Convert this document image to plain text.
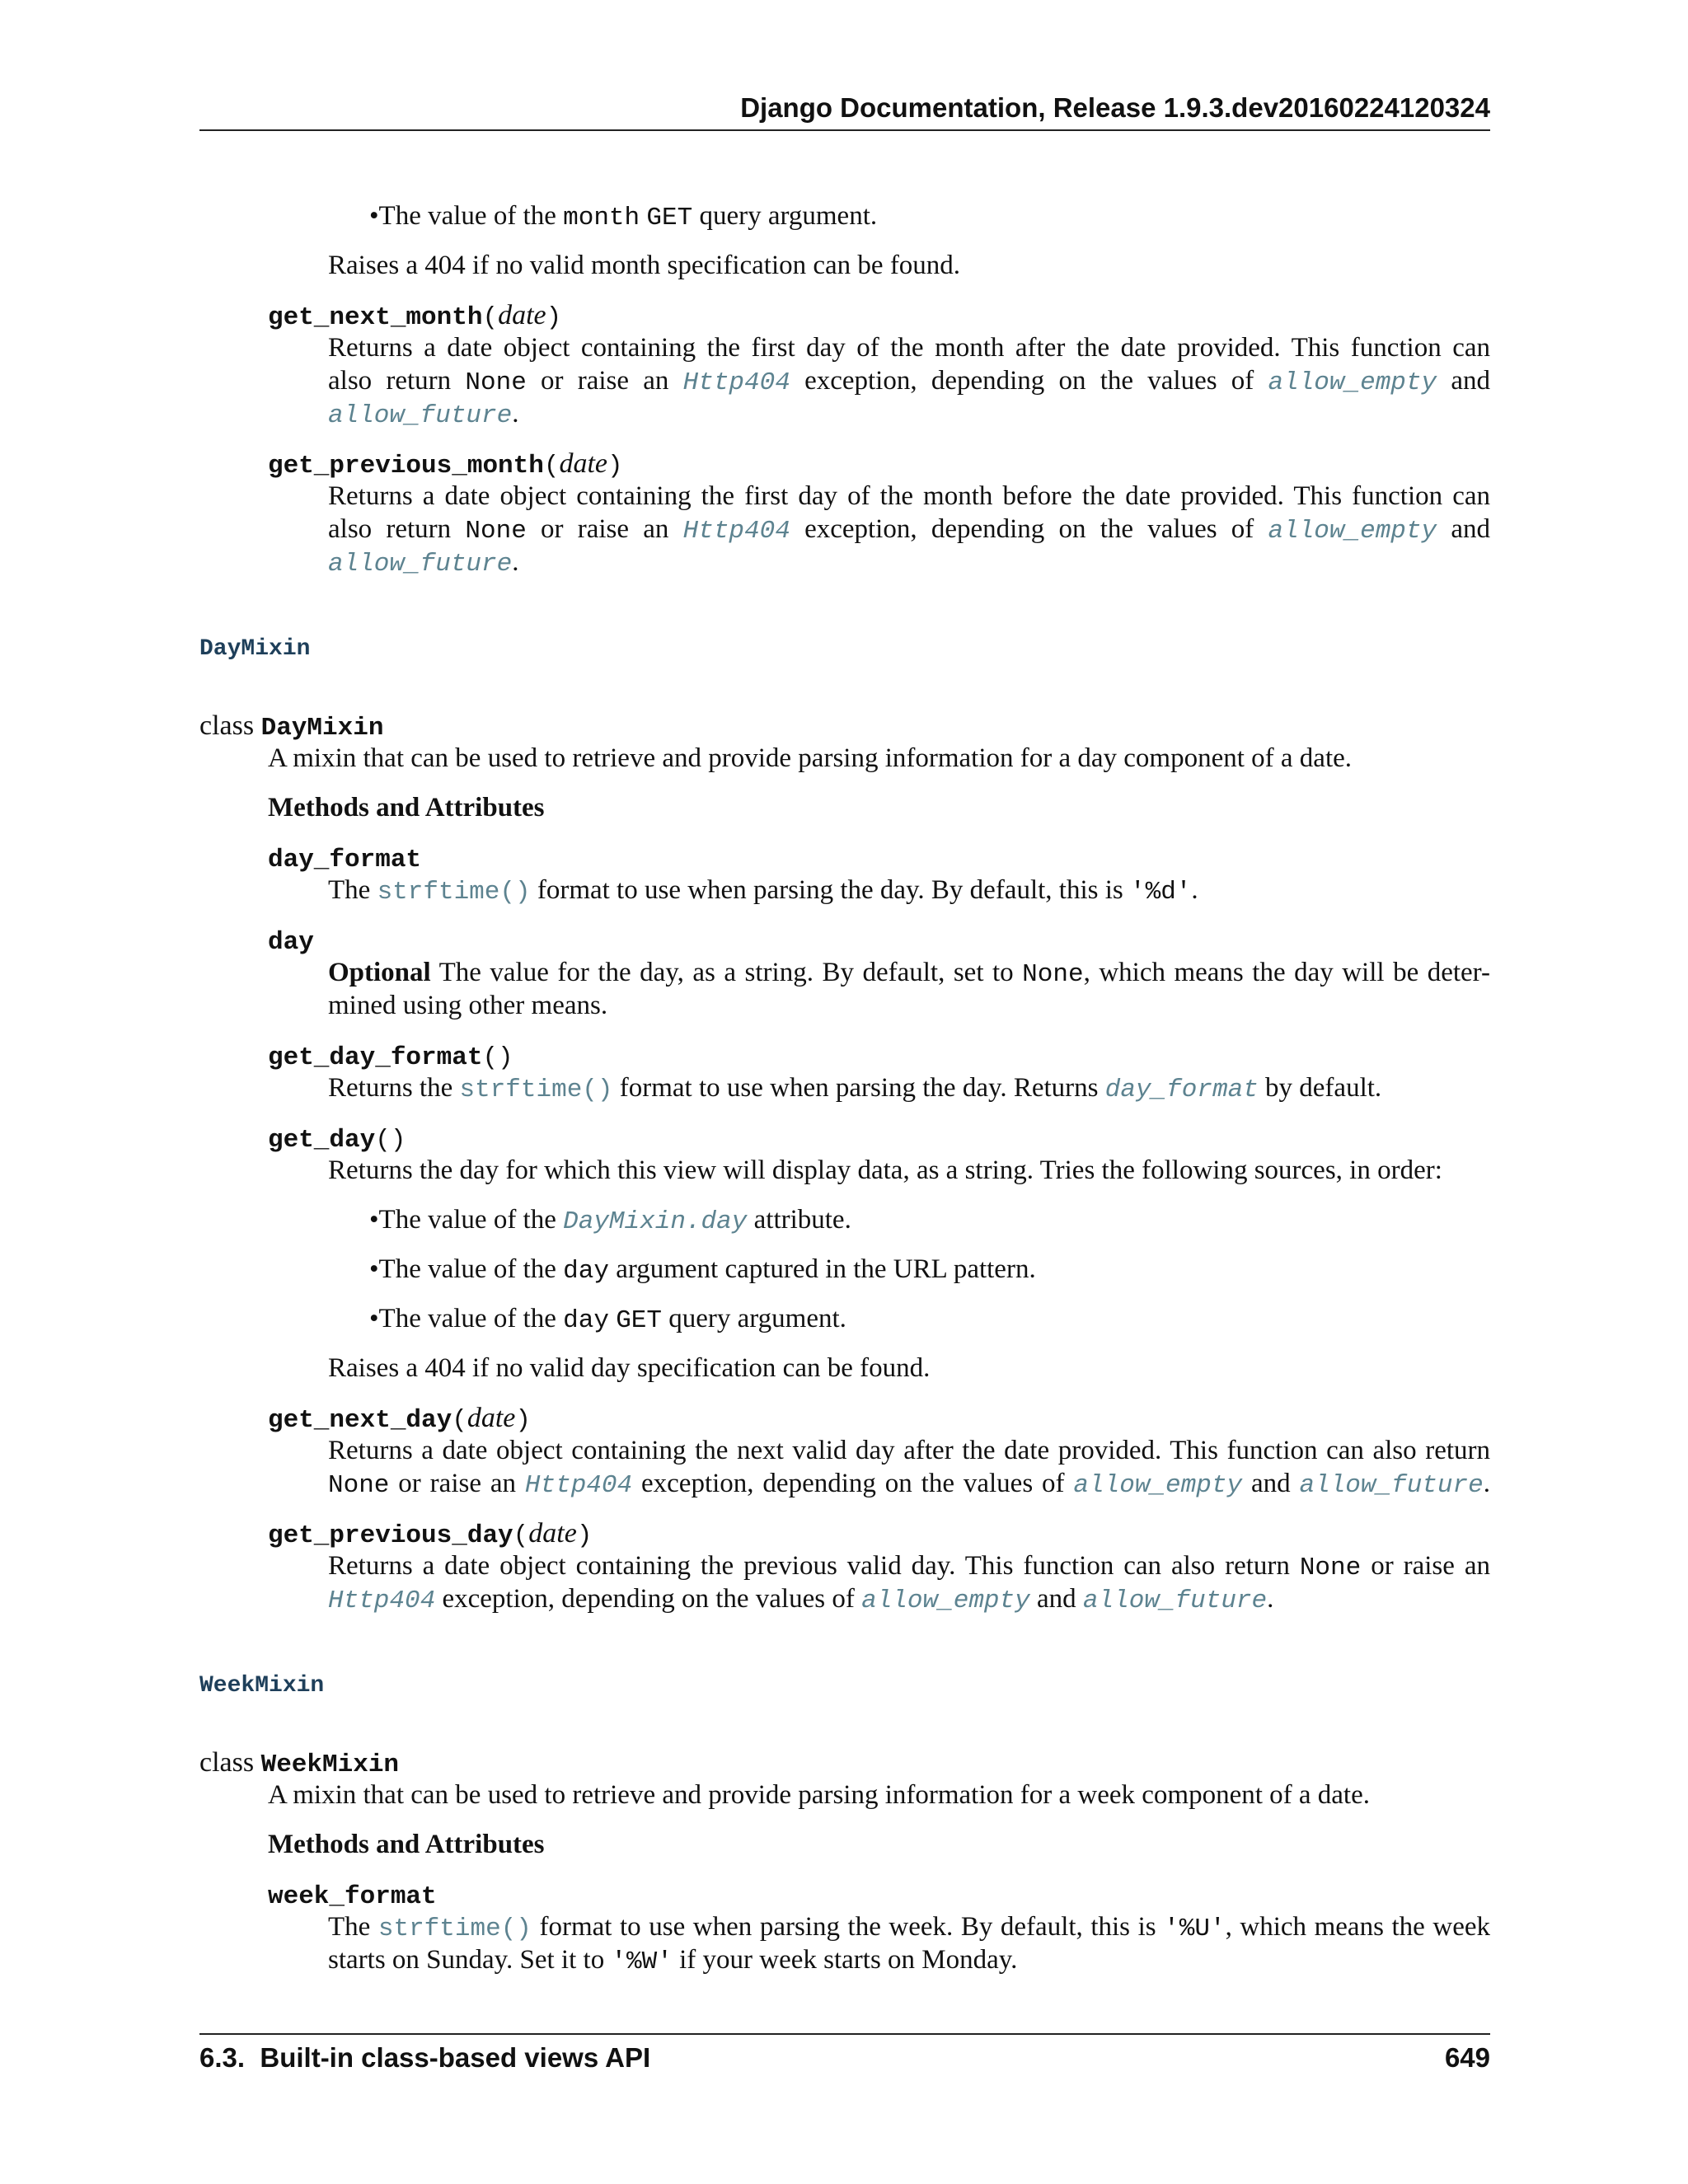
Django Documentation, Release 1.9.3.dev20160224120324
•The value of the month GET query argument.
Raises a 404 if no valid month specification can be found.
get_next_month(date)
Returns a date object containing the first day of the month after the date provided. This function can
also return None or raise an Http404 exception, depending on the values of allow_empty and
allow_future.
get_previous_month(date)
Returns a date object containing the first day of the month before the date provided. This function can
also return None or raise an Http404 exception, depending on the values of allow_empty and
allow_future.
DayMixin
class DayMixin
A mixin that can be used to retrieve and provide parsing information for a day component of a date.
Methods and Attributes
day_format
The strftime() format to use when parsing the day. By default, this is '%d'.
day
Optional The value for the day, as a string. By default, set to None, which means the day will be deter-
mined using other means.
get_day_format()
Returns the strftime() format to use when parsing the day. Returns day_format by default.
get_day()
Returns the day for which this view will display data, as a string. Tries the following sources, in order:
•The value of the DayMixin.day attribute.
•The value of the day argument captured in the URL pattern.
•The value of the day GET query argument.
Raises a 404 if no valid day specification can be found.
get_next_day(date)
Returns a date object containing the next valid day after the date provided. This function can also return
None or raise an Http404 exception, depending on the values of allow_empty and allow_future.
get_previous_day(date)
Returns a date object containing the previous valid day. This function can also return None or raise an
Http404 exception, depending on the values of allow_empty and allow_future.
WeekMixin
class WeekMixin
A mixin that can be used to retrieve and provide parsing information for a week component of a date.
Methods and Attributes
week_format
The strftime() format to use when parsing the week. By default, this is '%U', which means the week
starts on Sunday. Set it to '%W' if your week starts on Monday.
6.3.  Built-in class-based views API	649
